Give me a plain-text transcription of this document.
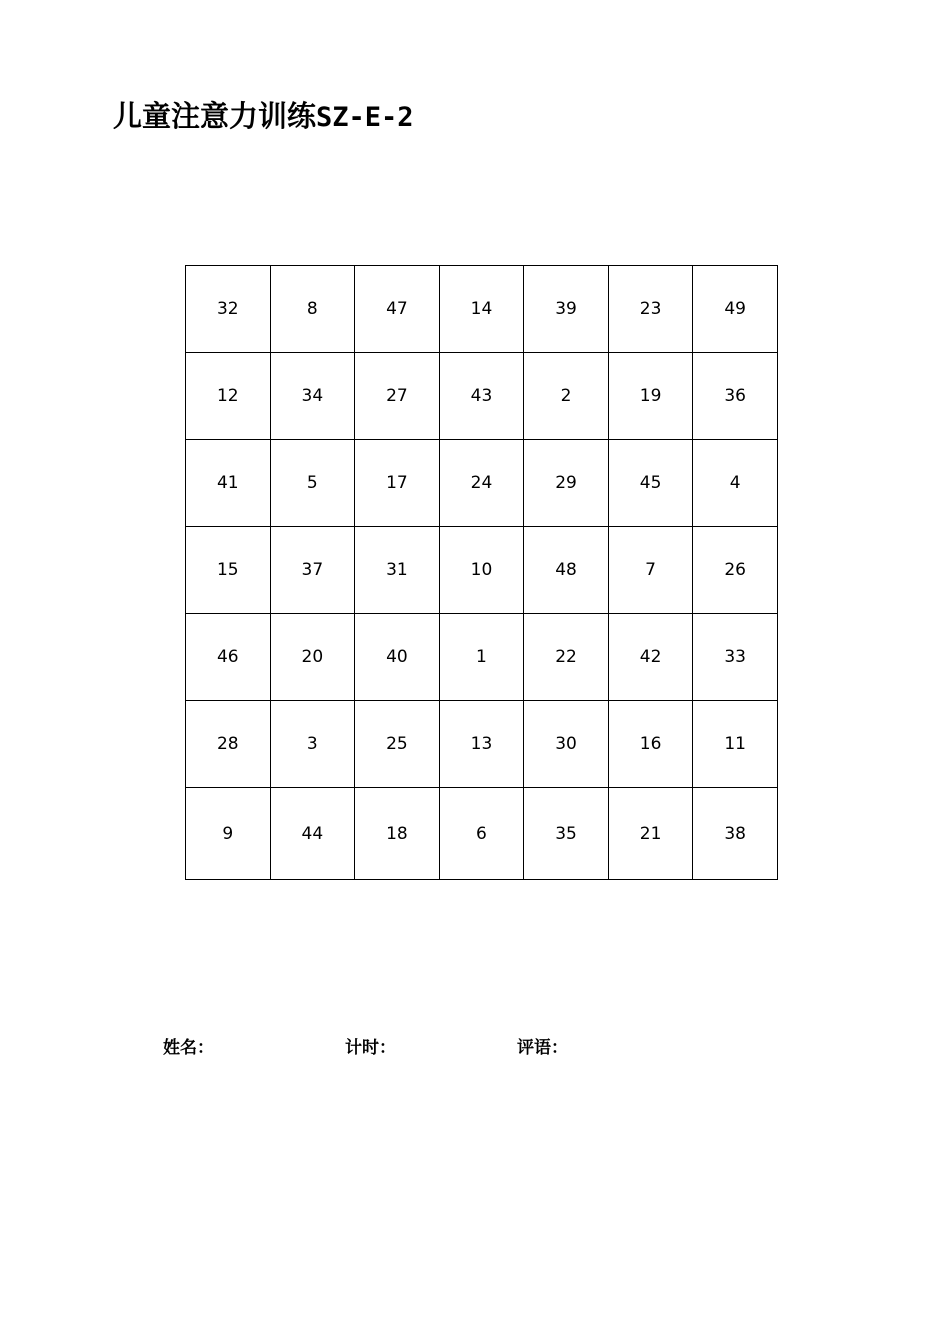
儿童注意力训练SZ-E-2
32	8	47	14	39	23	49
12	34	27	43	2	19	36
41	5	17	24	29	45	4
15	37	31	10	48	7	26
46	20	40	1	22	42	33
28	3	25	13	30	16	11
9	44	18	6	35	21	38
姓名：	计时：	评语：
